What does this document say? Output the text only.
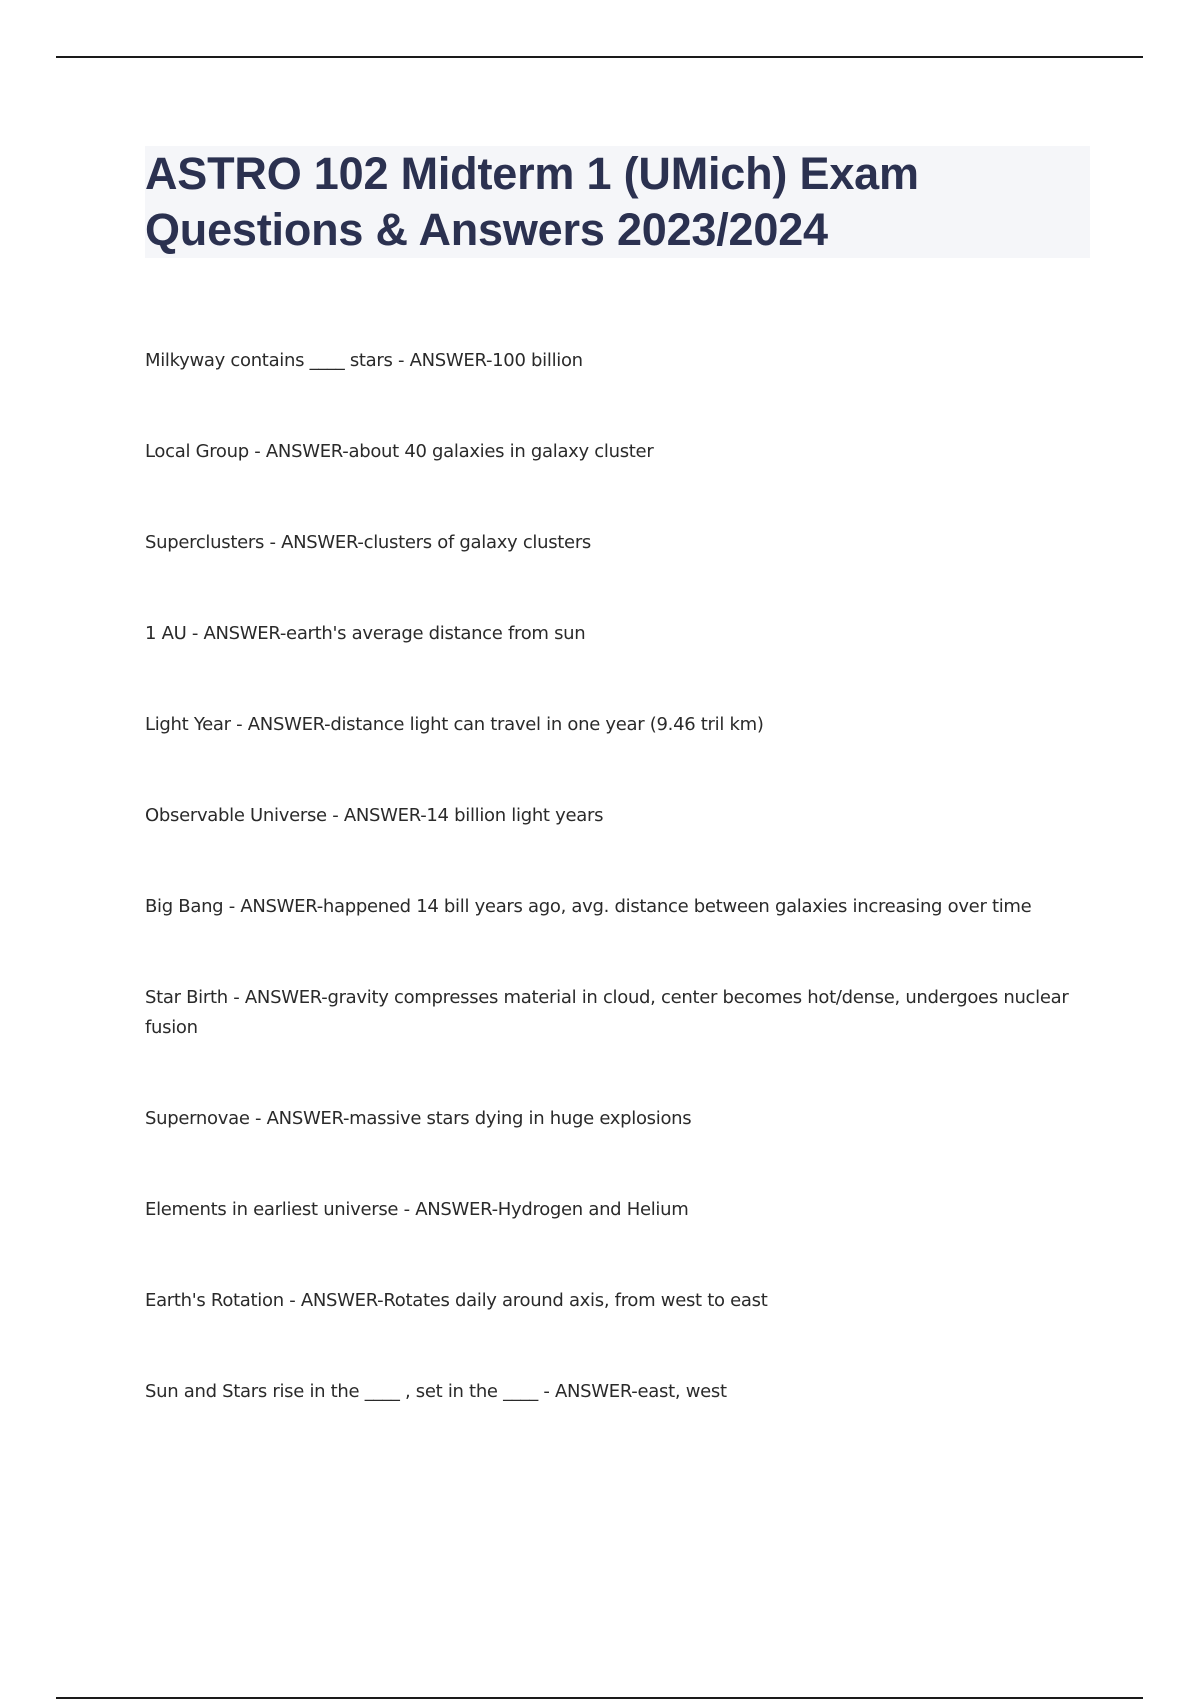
ASTRO 102 Midterm 1 (UMich) Exam Questions & Answers 2023/2024
Milkyway contains ____ stars - ANSWER-100 billion
Local Group - ANSWER-about 40 galaxies in galaxy cluster
Superclusters - ANSWER-clusters of galaxy clusters
1 AU - ANSWER-earth's average distance from sun
Light Year - ANSWER-distance light can travel in one year (9.46 tril km)
Observable Universe - ANSWER-14 billion light years
Big Bang - ANSWER-happened 14 bill years ago, avg. distance between galaxies increasing over time
Star Birth - ANSWER-gravity compresses material in cloud, center becomes hot/dense, undergoes nuclear fusion
Supernovae - ANSWER-massive stars dying in huge explosions
Elements in earliest universe - ANSWER-Hydrogen and Helium
Earth's Rotation - ANSWER-Rotates daily around axis, from west to east
Sun and Stars rise in the ____ , set in the ____ - ANSWER-east, west
